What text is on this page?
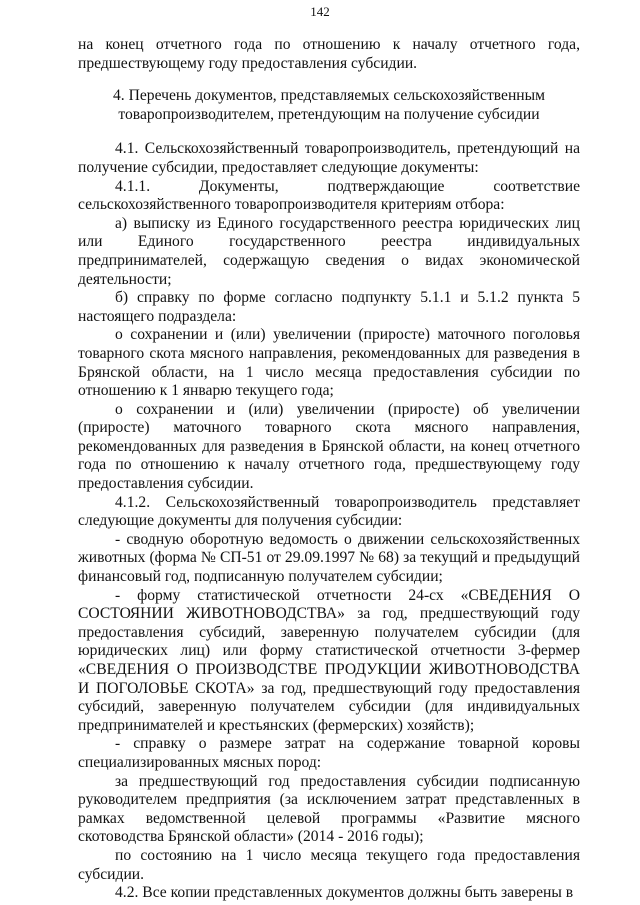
142

на конец отчетного года по отношению к началу отчетного года, предшествующему году предоставления субсидии.

4. Перечень документов, представляемых сельскохозяйственным товаропроизводителем, претендующим на получение субсидии

4.1. Сельскохозяйственный товаропроизводитель, претендующий на получение субсидии, предоставляет следующие документы:

4.1.1. Документы, подтверждающие соответствие сельскохозяйственного товаропроизводителя критериям отбора:

а) выписку из Единого государственного реестра юридических лиц или Единого государственного реестра индивидуальных предпринимателей, содержащую сведения о видах экономической деятельности;

б) справку по форме согласно подпункту 5.1.1 и 5.1.2 пункта 5 настоящего подраздела:

о сохранении и (или) увеличении (приросте) маточного поголовья товарного скота мясного направления, рекомендованных для разведения в Брянской области, на 1 число месяца предоставления субсидии по отношению к 1 январю текущего года;

о сохранении и (или) увеличении (приросте) об увеличении (приросте) маточного товарного скота мясного направления, рекомендованных для разведения в Брянской области, на конец отчетного года по отношению к началу отчетного года, предшествующему году предоставления субсидии.

4.1.2. Сельскохозяйственный товаропроизводитель представляет следующие документы для получения субсидии:

- сводную оборотную ведомость о движении сельскохозяйственных животных (форма № СП-51 от 29.09.1997 № 68) за текущий и предыдущий финансовый год, подписанную получателем субсидии;

- форму статистической отчетности 24-сх «СВЕДЕНИЯ О СОСТОЯНИИ ЖИВОТНОВОДСТВА» за год, предшествующий году предоставления субсидий, заверенную получателем субсидии (для юридических лиц) или форму статистической отчетности 3-фермер «СВЕДЕНИЯ О ПРОИЗВОДСТВЕ ПРОДУКЦИИ ЖИВОТНОВОДСТВА И ПОГОЛОВЬЕ СКОТА» за год, предшествующий году предоставления субсидий, заверенную получателем субсидии (для индивидуальных предпринимателей и крестьянских (фермерских) хозяйств);

- справку о размере затрат на содержание товарной коровы специализированных мясных пород:

за предшествующий год предоставления субсидии подписанную руководителем предприятия (за исключением затрат представленных в рамках ведомственной целевой программы «Развитие мясного скотоводства Брянской области» (2014 - 2016 годы);

по состоянию на 1 число месяца текущего года предоставления субсидии.

4.2. Все копии представленных документов должны быть заверены в
